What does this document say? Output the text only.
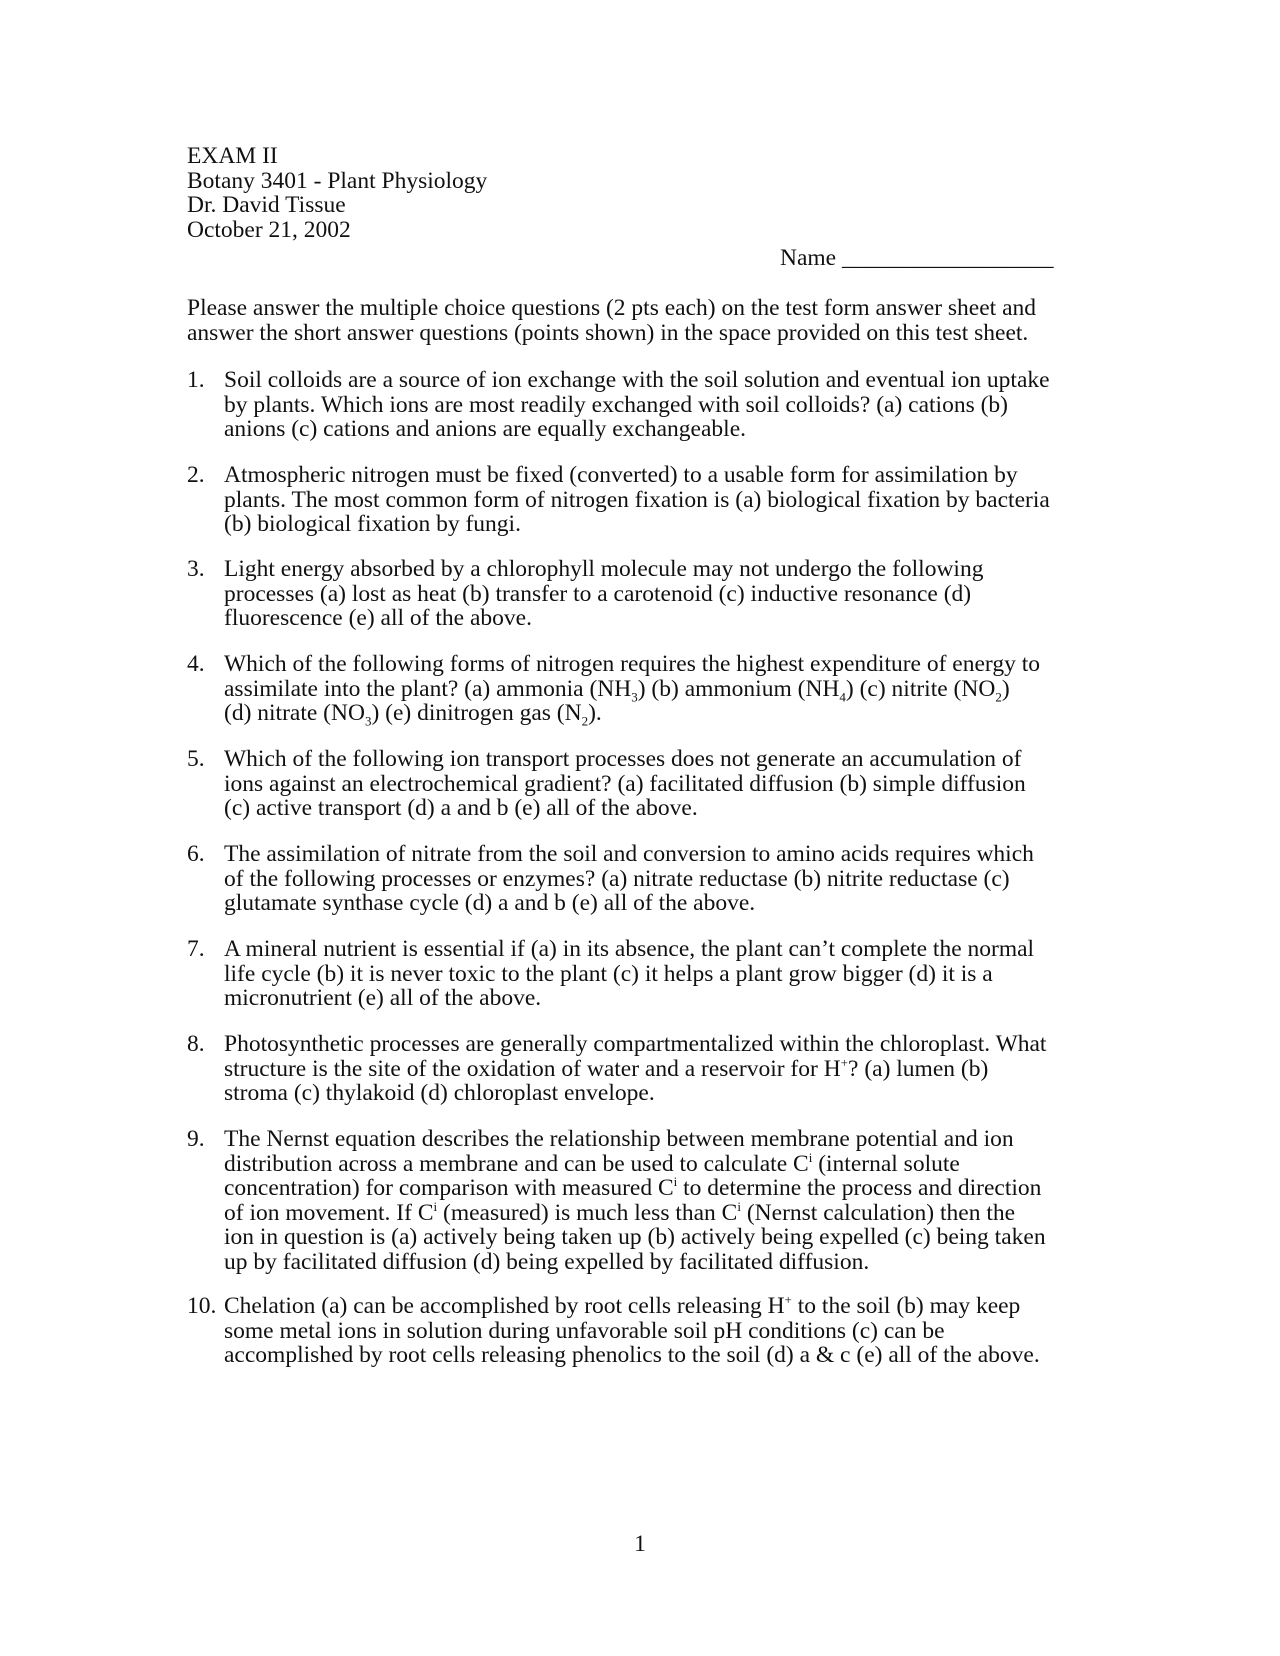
EXAM II
Botany 3401 - Plant Physiology
Dr. David Tissue
October 21, 2002
Name __________________
Please answer the multiple choice questions (2 pts each) on the test form answer sheet and
answer the short answer questions (points shown) in the space provided on this test sheet.
1. Soil colloids are a source of ion exchange with the soil solution and eventual ion uptake
by plants. Which ions are most readily exchanged with soil colloids? (a) cations (b)
anions (c) cations and anions are equally exchangeable.
2. Atmospheric nitrogen must be fixed (converted) to a usable form for assimilation by
plants. The most common form of nitrogen fixation is (a) biological fixation by bacteria
(b) biological fixation by fungi.
3. Light energy absorbed by a chlorophyll molecule may not undergo the following
processes (a) lost as heat (b) transfer to a carotenoid (c) inductive resonance (d)
fluorescence (e) all of the above.
4. Which of the following forms of nitrogen requires the highest expenditure of energy to
assimilate into the plant? (a) ammonia $(NH_3)$ (b) ammonium $(NH_4)$ (c) nitrite $(NO_2)$
(d) nitrate $(NO_3)$ (e) dinitrogen gas $(N_2)$.
5. Which of the following ion transport processes does not generate an accumulation of
ions against an electrochemical gradient? (a) facilitated diffusion (b) simple diffusion
(c) active transport (d) a and b (e) all of the above.
6. The assimilation of nitrate from the soil and conversion to amino acids requires which
of the following processes or enzymes? (a) nitrate reductase (b) nitrite reductase (c)
glutamate synthase cycle (d) a and b (e) all of the above.
7. A mineral nutrient is essential if (a) in its absence, the plant can’t complete the normal
life cycle (b) it is never toxic to the plant (c) it helps a plant grow bigger (d) it is a
micronutrient (e) all of the above.
8. Photosynthetic processes are generally compartmentalized within the chloroplast. What
structure is the site of the oxidation of water and a reservoir for H+? (a) lumen (b)
stroma (c) thylakoid (d) chloroplast envelope.
9. The Nernst equation describes the relationship between membrane potential and ion
distribution across a membrane and can be used to calculate $C^i$ (internal solute
concentration) for comparison with measured $C^i$ to determine the process and direction
of ion movement. If $C^i$ (measured) is much less than $C^i$ (Nernst calculation) then the
ion in question is (a) actively being taken up (b) actively being expelled (c) being taken
up by facilitated diffusion (d) being expelled by facilitated diffusion.
10. Chelation (a) can be accomplished by root cells releasing H+ to the soil (b) may keep
some metal ions in solution during unfavorable soil pH conditions (c) can be
accomplished by root cells releasing phenolics to the soil (d) a & c (e) all of the above.
1
